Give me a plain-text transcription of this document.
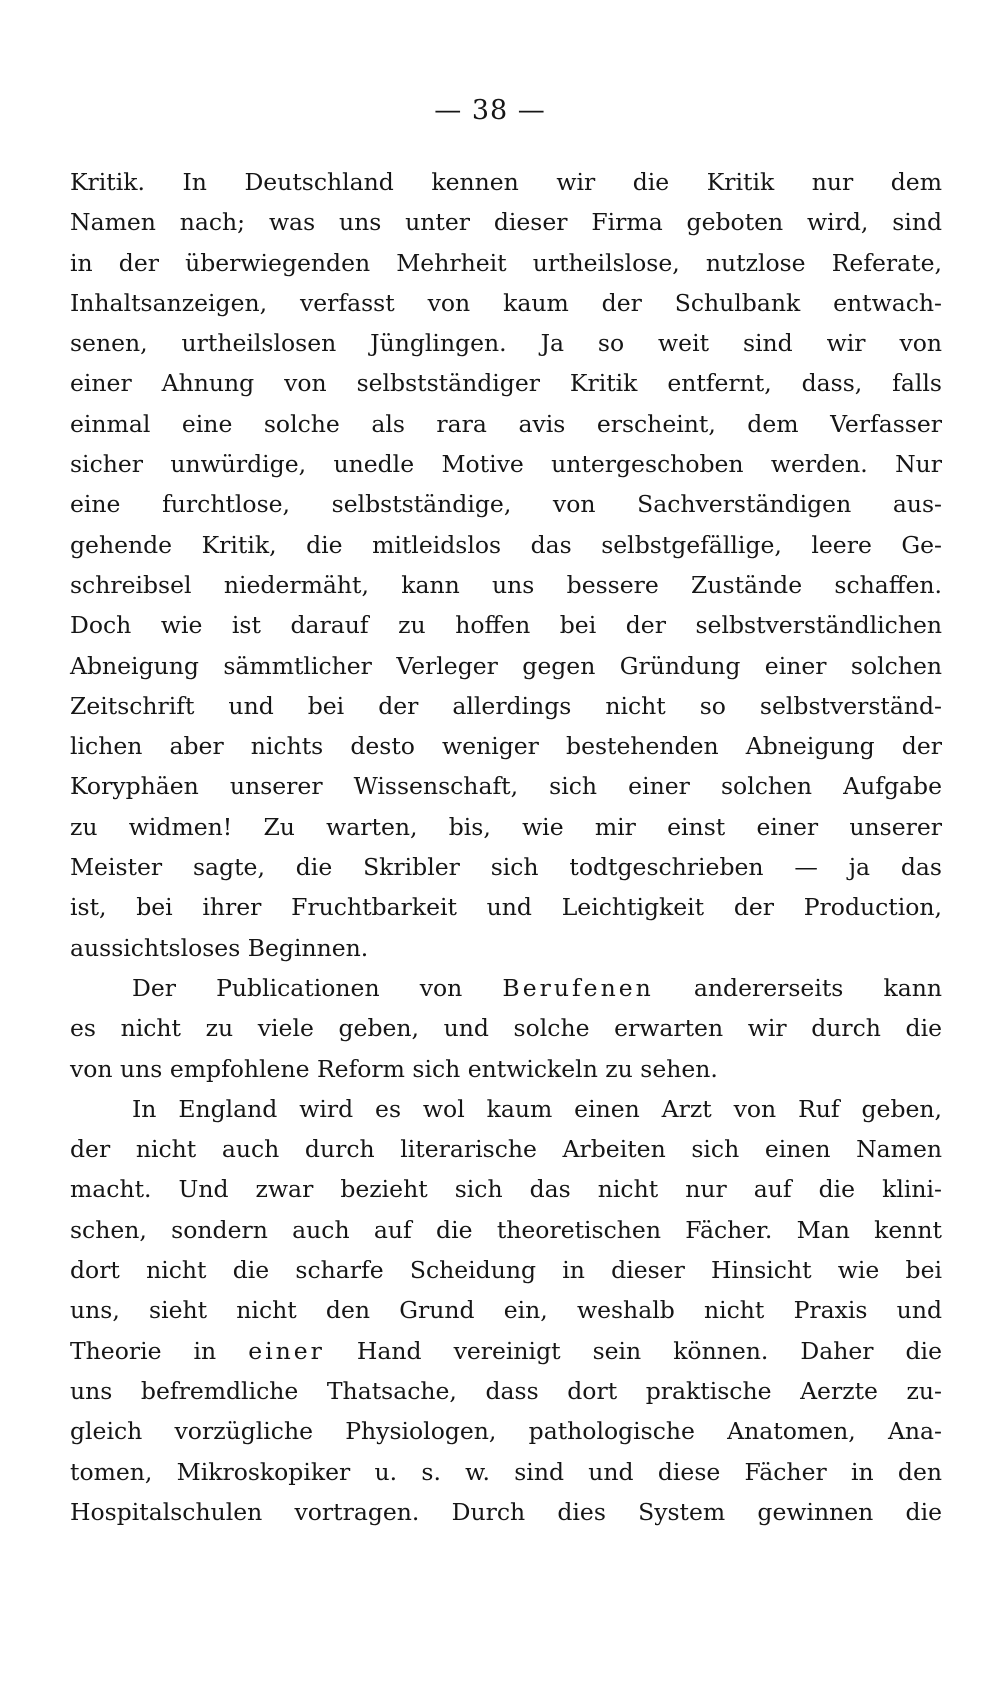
— 38 —
Kritik. In Deutschland kennen wir die Kritik nur dem
Namen nach; was uns unter dieser Firma geboten wird, sind
in der überwiegenden Mehrheit urtheilslose, nutzlose Referate,
Inhaltsanzeigen, verfasst von kaum der Schulbank entwach-
senen, urtheilslosen Jünglingen. Ja so weit sind wir von
einer Ahnung von selbstständiger Kritik entfernt, dass, falls
einmal eine solche als rara avis erscheint, dem Verfasser
sicher unwürdige, unedle Motive untergeschoben werden. Nur
eine furchtlose, selbstständige, von Sachverständigen aus-
gehende Kritik, die mitleidslos das selbstgefällige, leere Ge-
schreibsel niedermäht, kann uns bessere Zustände schaffen.
Doch wie ist darauf zu hoffen bei der selbstverständlichen
Abneigung sämmtlicher Verleger gegen Gründung einer solchen
Zeitschrift und bei der allerdings nicht so selbstverständ-
lichen aber nichts desto weniger bestehenden Abneigung der
Koryphäen unserer Wissenschaft, sich einer solchen Aufgabe
zu widmen! Zu warten, bis, wie mir einst einer unserer
Meister sagte, die Skribler sich todtgeschrieben — ja das
ist, bei ihrer Fruchtbarkeit und Leichtigkeit der Production,
aussichtsloses Beginnen.
Der Publicationen von Berufenen andererseits kann
es nicht zu viele geben, und solche erwarten wir durch die
von uns empfohlene Reform sich entwickeln zu sehen.
In England wird es wol kaum einen Arzt von Ruf geben,
der nicht auch durch literarische Arbeiten sich einen Namen
macht. Und zwar bezieht sich das nicht nur auf die klini-
schen, sondern auch auf die theoretischen Fächer. Man kennt
dort nicht die scharfe Scheidung in dieser Hinsicht wie bei
uns, sieht nicht den Grund ein, weshalb nicht Praxis und
Theorie in einer Hand vereinigt sein können. Daher die
uns befremdliche Thatsache, dass dort praktische Aerzte zu-
gleich vorzügliche Physiologen, pathologische Anatomen, Ana-
tomen, Mikroskopiker u. s. w. sind und diese Fächer in den
Hospitalschulen vortragen. Durch dies System gewinnen die
